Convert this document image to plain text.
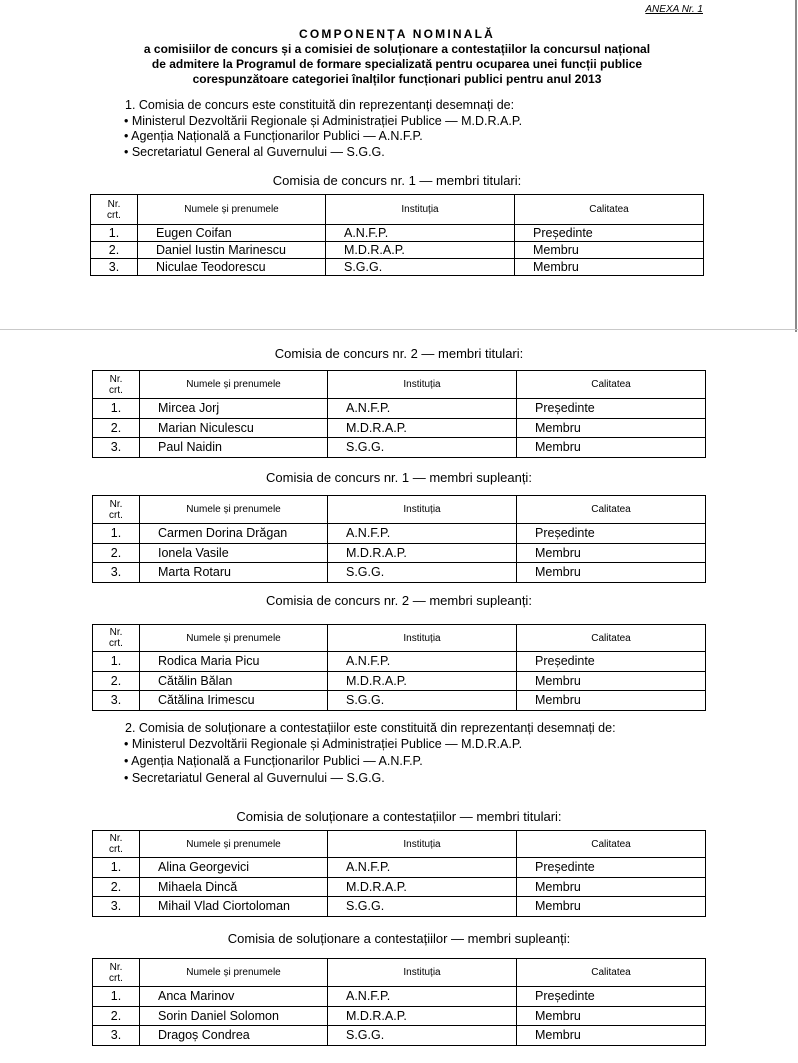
ANEXA Nr. 1
COMPONENȚA NOMINALĂ
a comisiilor de concurs și a comisiei de soluționare a contestațiilor la concursul național
de admitere la Programul de formare specializată pentru ocuparea unei funcții publice
corespunzătoare categoriei înalților funcționari publici pentru anul 2013
1. Comisia de concurs este constituită din reprezentanți desemnați de:
• Ministerul Dezvoltării Regionale și Administrației Publice — M.D.R.A.P.
• Agenția Națională a Funcționarilor Publici — A.N.F.P.
• Secretariatul General al Guvernului — S.G.G.
2. Comisia de soluționare a contestațiilor este constituită din reprezentanți desemnați de:
• Ministerul Dezvoltării Regionale și Administrației Publice — M.D.R.A.P.
• Agenția Națională a Funcționarilor Publici — A.N.F.P.
• Secretariatul General al Guvernului — S.G.G.
Comisia de concurs nr. 1 — membri titulari:
Nr.
crt.	Numele și prenumele	Instituția	Calitatea
1.	Eugen Coifan	A.N.F.P.	Președinte
2.	Daniel Iustin Marinescu	M.D.R.A.P.	Membru
3.	Niculae Teodorescu	S.G.G.	Membru
Comisia de concurs nr. 2 — membri titulari:
Nr.
crt.	Numele și prenumele	Instituția	Calitatea
1.	Mircea Jorj	A.N.F.P.	Președinte
2.	Marian Niculescu	M.D.R.A.P.	Membru
3.	Paul Naidin	S.G.G.	Membru
Comisia de concurs nr. 1 — membri supleanți:
Nr.
crt.	Numele și prenumele	Instituția	Calitatea
1.	Carmen Dorina Drăgan	A.N.F.P.	Președinte
2.	Ionela Vasile	M.D.R.A.P.	Membru
3.	Marta Rotaru	S.G.G.	Membru
Comisia de concurs nr. 2 — membri supleanți:
Nr.
crt.	Numele și prenumele	Instituția	Calitatea
1.	Rodica Maria Picu	A.N.F.P.	Președinte
2.	Cătălin Bălan	M.D.R.A.P.	Membru
3.	Cătălina Irimescu	S.G.G.	Membru
Comisia de soluționare a contestațiilor — membri titulari:
Nr.
crt.	Numele și prenumele	Instituția	Calitatea
1.	Alina Georgevici	A.N.F.P.	Președinte
2.	Mihaela Dincă	M.D.R.A.P.	Membru
3.	Mihail Vlad Ciortoloman	S.G.G.	Membru
Comisia de soluționare a contestațiilor — membri supleanți:
Nr.
crt.	Numele și prenumele	Instituția	Calitatea
1.	Anca Marinov	A.N.F.P.	Președinte
2.	Sorin Daniel Solomon	M.D.R.A.P.	Membru
3.	Dragoș Condrea	S.G.G.	Membru
